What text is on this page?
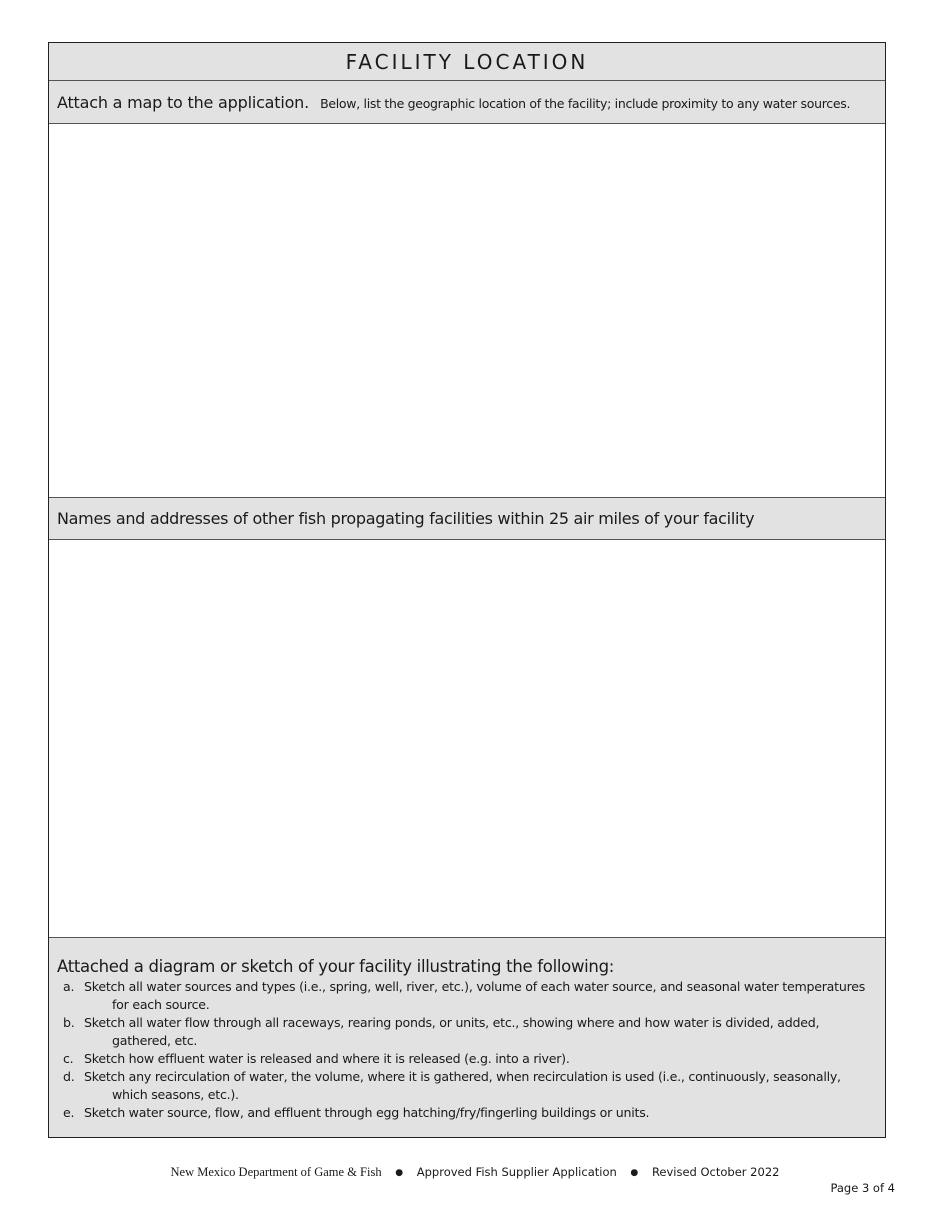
FACILITY LOCATION
Attach a map to the application. Below, list the geographic location of the facility; include proximity to any water sources.
Names and addresses of other fish propagating facilities within 25 air miles of your facility
Attached a diagram or sketch of your facility illustrating the following:
a. Sketch all water sources and types (i.e., spring, well, river, etc.), volume of each water source, and seasonal water temperatures for each source.
b. Sketch all water flow through all raceways, rearing ponds, or units, etc., showing where and how water is divided, added, gathered, etc.
c. Sketch how effluent water is released and where it is released (e.g. into a river).
d. Sketch any recirculation of water, the volume, where it is gathered, when recirculation is used (i.e., continuously, seasonally, which seasons, etc.).
e. Sketch water source, flow, and effluent through egg hatching/fry/fingerling buildings or units.
New Mexico Department of Game & Fish ● Approved Fish Supplier Application ● Revised October 2022
Page 3 of 4
